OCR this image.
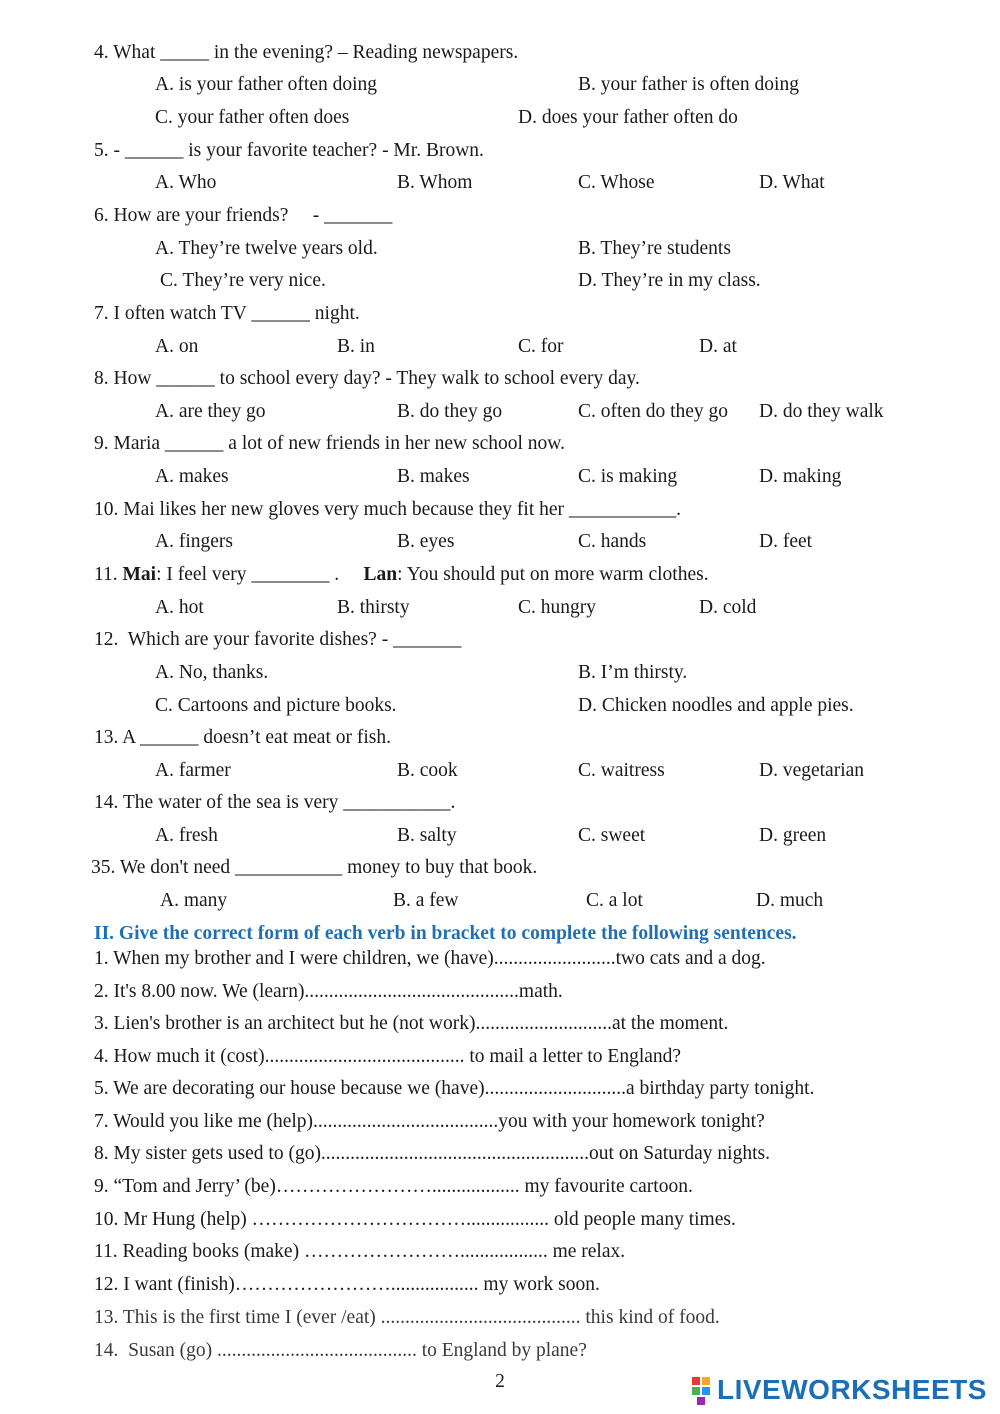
4. What _____ in the evening? – Reading newspapers.
A. is your father often doing	B. your father is often doing
C. your father often does	D. does your father often do
5. - ______ is your favorite teacher? - Mr. Brown.
A. Who	B. Whom	C. Whose	D. What
6. How are your friends?     - _______
A. They’re twelve years old.	B. They’re students
C. They’re very nice.	D. They’re in my class.
7. I often watch TV ______ night.
A. on	B. in	C. for	D. at
8. How ______ to school every day? - They walk to school every day.
A. are they go	B. do they go	C. often do they go D. do they walk
9. Maria ______ a lot of new friends in her new school now.
A. makes	B. makes	C. is making	D. making
10. Mai likes her new gloves very much because they fit her ___________.
A. fingers	B. eyes	C. hands	D. feet
11. Mai: I feel very ________ .     Lan: You should put on more warm clothes.
A. hot	B. thirsty	C. hungry	D. cold
12.  Which are your favorite dishes? - _______
A. No, thanks.	B. I’m thirsty.
C. Cartoons and picture books.	D. Chicken noodles and apple pies.
13. A ______ doesn’t eat meat or fish.
A. farmer	B. cook	C. waitress	D. vegetarian
14. The water of the sea is very ___________.
A. fresh	B. salty	C. sweet	D. green
35. We don't need ___________ money to buy that book.
A. many	B. a few	C. a lot	D. much
II. Give the correct form of each verb in bracket to complete the following sentences.
1. When my brother and I were children, we (have).........................two cats and a dog.
2. It's 8.00 now. We (learn)............................................math.
3. Lien's brother is an architect but he (not work)............................at the moment.
4. How much it (cost)......................................... to mail a letter to England?
5. We are decorating our house because we (have).............................a birthday party tonight.
7. Would you like me (help)......................................you with your homework tonight?
8. My sister gets used to (go).......................................................out on Saturday nights.
9. “Tom and Jerry’ (be)…………………….................. my favourite cartoon.
10. Mr Hung (help) ……………………………................. old people many times.
11. Reading books (make) …………………….................. me relax.
12. I want (finish)…………………….................. my work soon.
13. This is the first time I (ever /eat) ......................................... this kind of food.
14.  Susan (go) ......................................... to England by plane?
2	LIVEWORKSHEETS
